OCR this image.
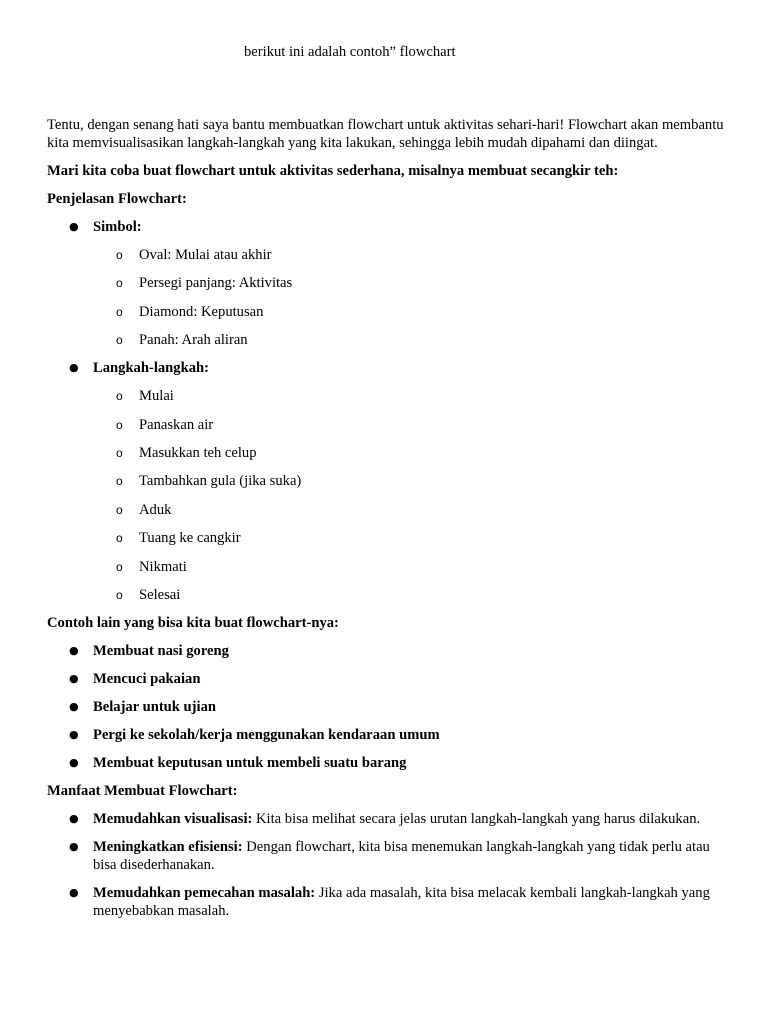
berikut ini adalah contoh” flowchart

Tentu, dengan senang hati saya bantu membuatkan flowchart untuk aktivitas sehari-hari! Flowchart akan membantu kita memvisualisasikan langkah-langkah yang kita lakukan, sehingga lebih mudah dipahami dan diingat.

Mari kita coba buat flowchart untuk aktivitas sederhana, misalnya membuat secangkir teh:

Penjelasan Flowchart:

● Simbol:
o Oval: Mulai atau akhir
o Persegi panjang: Aktivitas
o Diamond: Keputusan
o Panah: Arah aliran
● Langkah-langkah:
o Mulai
o Panaskan air
o Masukkan teh celup
o Tambahkan gula (jika suka)
o Aduk
o Tuang ke cangkir
o Nikmati
o Selesai

Contoh lain yang bisa kita buat flowchart-nya:

● Membuat nasi goreng
● Mencuci pakaian
● Belajar untuk ujian
● Pergi ke sekolah/kerja menggunakan kendaraan umum
● Membuat keputusan untuk membeli suatu barang

Manfaat Membuat Flowchart:

● Memudahkan visualisasi: Kita bisa melihat secara jelas urutan langkah-langkah yang harus dilakukan.
● Meningkatkan efisiensi: Dengan flowchart, kita bisa menemukan langkah-langkah yang tidak perlu atau bisa disederhanakan.
● Memudahkan pemecahan masalah: Jika ada masalah, kita bisa melacak kembali langkah-langkah yang menyebabkan masalah.
